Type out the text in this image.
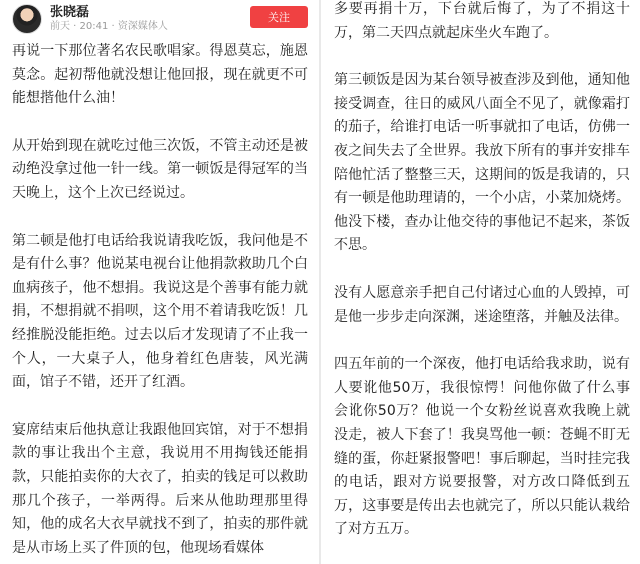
张晓磊
前天 · 20:41 · 资深媒体人
关注

再说一下那位著名农民歌唱家。得恩莫忘，施恩莫念。起初帮他就没想让他回报，现在就更不可能想揩他什么油！

从开始到现在就吃过他三次饭，不管主动还是被动绝没拿过他一针一线。第一顿饭是得冠军的当天晚上，这个上次已经说过。

第二顿是他打电话给我说请我吃饭，我问他是不是有什么事？他说某电视台让他捐款救助几个白血病孩子，他不想捐。我说这是个善事有能力就捐，不想捐就不捐呗，这个用不着请我吃饭！几经推脱没能拒绝。过去以后才发现请了不止我一个人，一大桌子人，他身着红色唐装，风光满面，馆子不错，还开了红酒。

宴席结束后他执意让我跟他回宾馆，对于不想捐款的事让我出个主意，我说用不用掏钱还能捐款，只能拍卖你的大衣了，拍卖的钱足可以救助那几个孩子，一举两得。后来从他助理那里得知，他的成名大衣早就找不到了，拍卖的那件就是从市场上买了件顶的包，他现场看媒体

多要再捐十万，下台就后悔了，为了不捐这十万，第二天四点就起床坐火车跑了。

第三顿饭是因为某台领导被查涉及到他，通知他接受调查，往日的威风八面全不见了，就像霜打的茄子，给谁打电话一听事就扣了电话，仿佛一夜之间失去了全世界。我放下所有的事并安排车陪他忙活了整整三天，这期间的饭是我请的，只有一顿是他助理请的，一个小店，小菜加烧烤。他没下楼，查办让他交待的事他记不起来，茶饭不思。

没有人愿意亲手把自己付诸过心血的人毁掉，可是他一步步走向深渊，迷途堕落，并触及法律。

四五年前的一个深夜，他打电话给我求助，说有人要讹他50万，我很惊愕！问他你做了什么事会讹你50万？他说一个女粉丝说喜欢我晚上就没走，被人下套了！我臭骂他一顿：苍蝇不盯无缝的蛋，你赶紧报警吧！事后聊起，当时挂完我的电话，跟对方说要报警，对方改口降低到五万，这事要是传出去也就完了，所以只能认栽给了对方五万。
